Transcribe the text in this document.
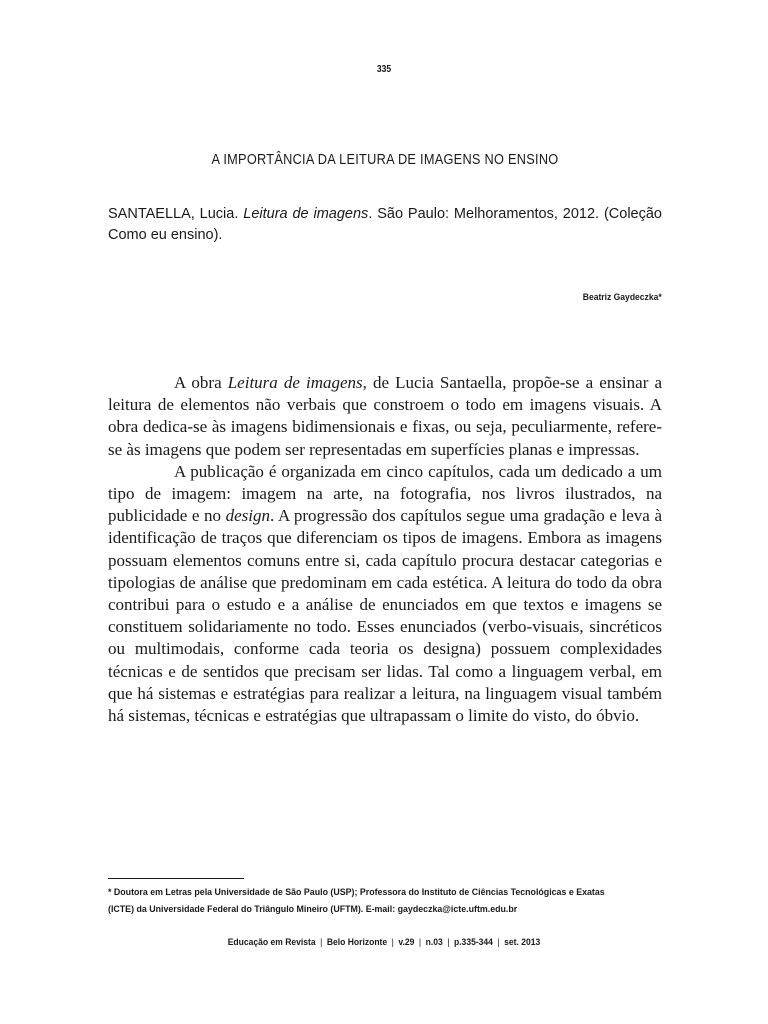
335
A IMPORTÂNCIA DA LEITURA DE IMAGENS NO ENSINO
SANTAELLA, Lucia. Leitura de imagens. São Paulo: Melhoramentos, 2012. (Coleção Como eu ensino).
Beatriz Gaydeczka*

A obra Leitura de imagens, de Lucia Santaella, propõe-se a ensinar a leitura de elementos não verbais que constroem o todo em imagens visuais. A obra dedica-se às imagens bidimensionais e fixas, ou seja, peculiarmente, refere-se às imagens que podem ser representadas em superfícies planas e impressas.

A publicação é organizada em cinco capítulos, cada um dedicado a um tipo de imagem: imagem na arte, na fotografia, nos livros ilustrados, na publicidade e no design. A progressão dos capítulos segue uma gradação e leva à identificação de traços que diferenciam os tipos de imagens. Embora as imagens possuam elementos comuns entre si, cada capítulo procura destacar categorias e tipologias de análise que predominam em cada estética. A leitura do todo da obra contribui para o estudo e a análise de enunciados em que textos e imagens se constituem solidariamente no todo. Esses enunciados (verbo-visuais, sincréticos ou multimodais, conforme cada teoria os designa) possuem complexidades técnicas e de sentidos que precisam ser lidas. Tal como a linguagem verbal, em que há sistemas e estratégias para realizar a leitura, na linguagem visual também há sistemas, técnicas e estratégias que ultrapassam o limite do visto, do óbvio.

* Doutora em Letras pela Universidade de São Paulo (USP); Professora do Instituto de Ciências Tecnológicas e Exatas (ICTE) da Universidade Federal do Triângulo Mineiro (UFTM). E-mail: gaydeczka@icte.uftm.edu.br
Educação em Revista | Belo Horizonte | v.29 | n.03 | p.335-344 | set. 2013
